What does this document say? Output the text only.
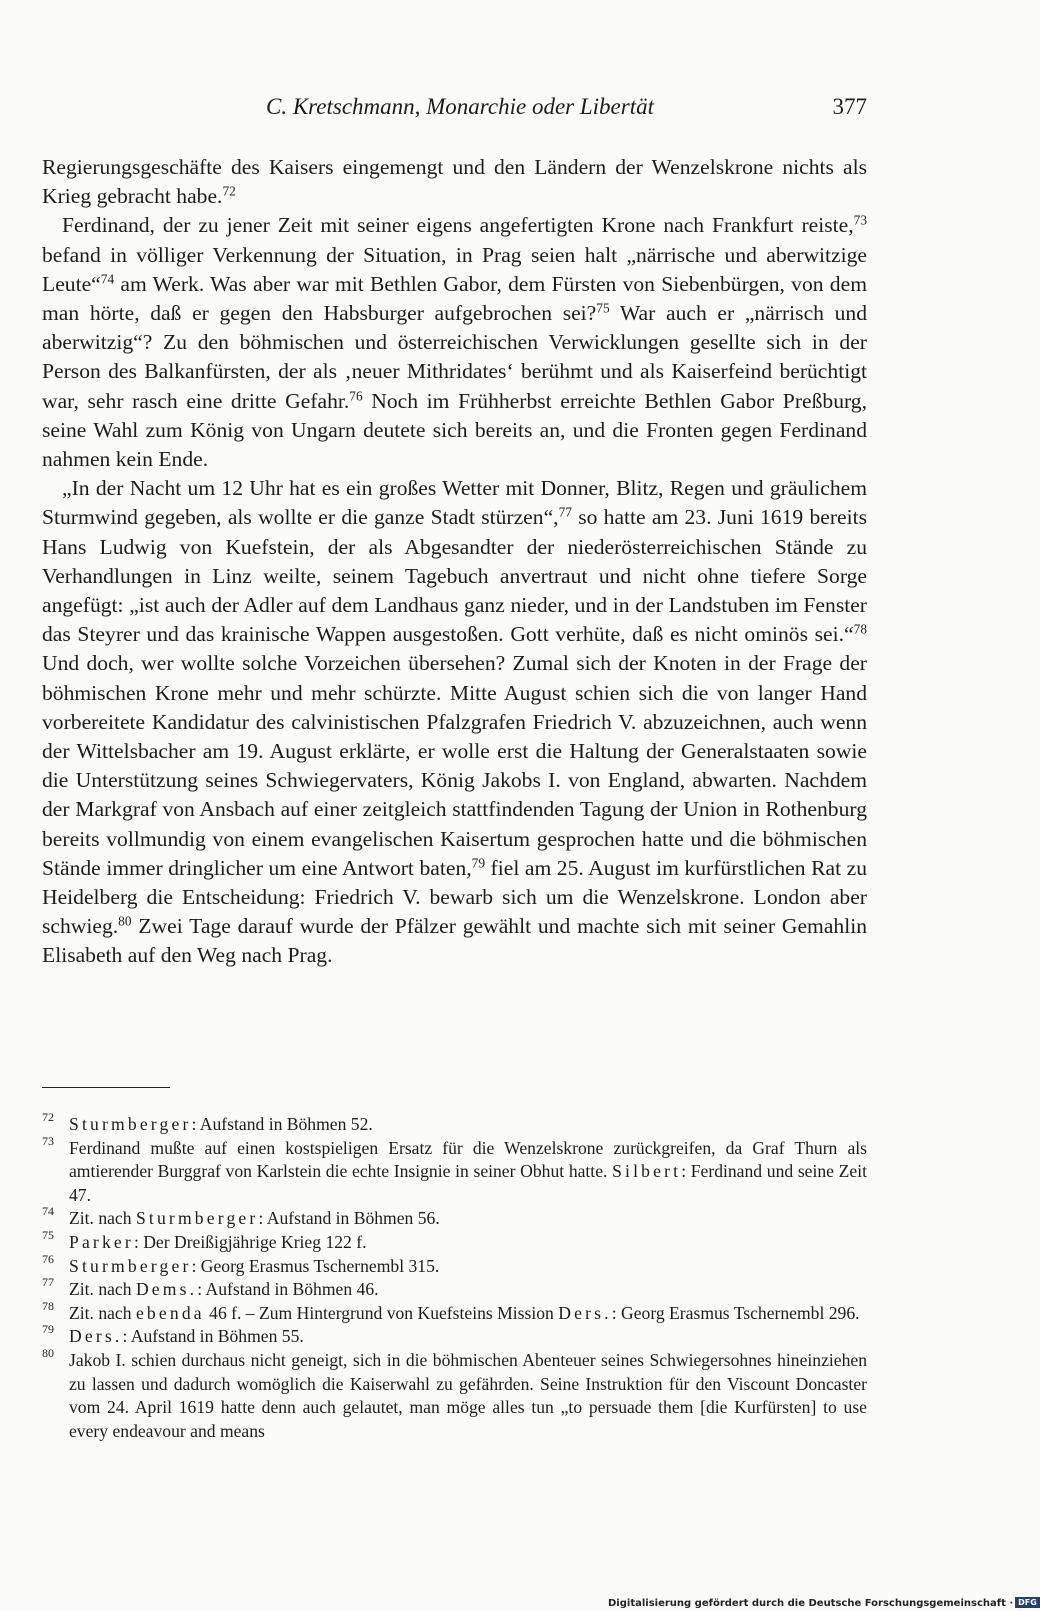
C. Kretschmann, Monarchie oder Libertät	377

Regierungsgeschäfte des Kaisers eingemengt und den Ländern der Wenzelskrone nichts als Krieg gebracht habe.$^{72}$

Ferdinand, der zu jener Zeit mit seiner eigens angefertigten Krone nach Frankfurt reiste,$^{73}$ befand in völliger Verkennung der Situation, in Prag seien halt „närrische und aberwitzige Leute“$^{74}$ am Werk. Was aber war mit Bethlen Gabor, dem Fürsten von Siebenbürgen, von dem man hörte, daß er gegen den Habsburger aufgebrochen sei?$^{75}$ War auch er „närrisch und aberwitzig“? Zu den böhmischen und österreichischen Verwicklungen gesellte sich in der Person des Balkanfürsten, der als ‚neuer Mithridates‘ berühmt und als Kaiserfeind berüchtigt war, sehr rasch eine dritte Gefahr.$^{76}$ Noch im Frühherbst erreichte Bethlen Gabor Preßburg, seine Wahl zum König von Ungarn deutete sich bereits an, und die Fronten gegen Ferdinand nahmen kein Ende.

„In der Nacht um 12 Uhr hat es ein großes Wetter mit Donner, Blitz, Regen und gräulichem Sturmwind gegeben, als wollte er die ganze Stadt stürzen“,$^{77}$ so hatte am 23. Juni 1619 bereits Hans Ludwig von Kuefstein, der als Abgesandter der niederösterreichischen Stände zu Verhandlungen in Linz weilte, seinem Tagebuch anvertraut und nicht ohne tiefere Sorge angefügt: „ist auch der Adler auf dem Landhaus ganz nieder, und in der Landstuben im Fenster das Steyrer und das krainische Wappen ausgestoßen. Gott verhüte, daß es nicht ominös sei.“$^{78}$ Und doch, wer wollte solche Vorzeichen übersehen? Zumal sich der Knoten in der Frage der böhmischen Krone mehr und mehr schürzte. Mitte August schien sich die von langer Hand vorbereitete Kandidatur des calvinistischen Pfalzgrafen Friedrich V. abzuzeichnen, auch wenn der Wittelsbacher am 19. August erklärte, er wolle erst die Haltung der Generalstaaten sowie die Unterstützung seines Schwiegervaters, König Jakobs I. von England, abwarten. Nachdem der Markgraf von Ansbach auf einer zeitgleich stattfindenden Tagung der Union in Rothenburg bereits vollmundig von einem evangelischen Kaisertum gesprochen hatte und die böhmischen Stände immer dringlicher um eine Antwort baten,$^{79}$ fiel am 25. August im kurfürstlichen Rat zu Heidelberg die Entscheidung: Friedrich V. bewarb sich um die Wenzelskrone. London aber schwieg.$^{80}$ Zwei Tage darauf wurde der Pfälzer gewählt und machte sich mit seiner Gemahlin Elisabeth auf den Weg nach Prag.

72 Sturmberger: Aufstand in Böhmen 52.
73 Ferdinand mußte auf einen kostspieligen Ersatz für die Wenzelskrone zurückgreifen, da Graf Thurn als amtierender Burggraf von Karlstein die echte Insignie in seiner Obhut hatte. Silbert: Ferdinand und seine Zeit 47.
74 Zit. nach Sturmberger: Aufstand in Böhmen 56.
75 Parker: Der Dreißigjährige Krieg 122 f.
76 Sturmberger: Georg Erasmus Tschernembl 315.
77 Zit. nach Dems.: Aufstand in Böhmen 46.
78 Zit. nach ebenda 46 f. – Zum Hintergrund von Kuefsteins Mission Ders.: Georg Erasmus Tschernembl 296.
79 Ders.: Aufstand in Böhmen 55.
80 Jakob I. schien durchaus nicht geneigt, sich in die böhmischen Abenteuer seines Schwiegersohnes hineinziehen zu lassen und dadurch womöglich die Kaiserwahl zu gefährden. Seine Instruktion für den Viscount Doncaster vom 24. April 1619 hatte denn auch gelautet, man möge alles tun „to persuade them [die Kurfürsten] to use every endeavour and means
Digitalisierung gefördert durch die Deutsche Forschungsgemeinschaft · DFG
